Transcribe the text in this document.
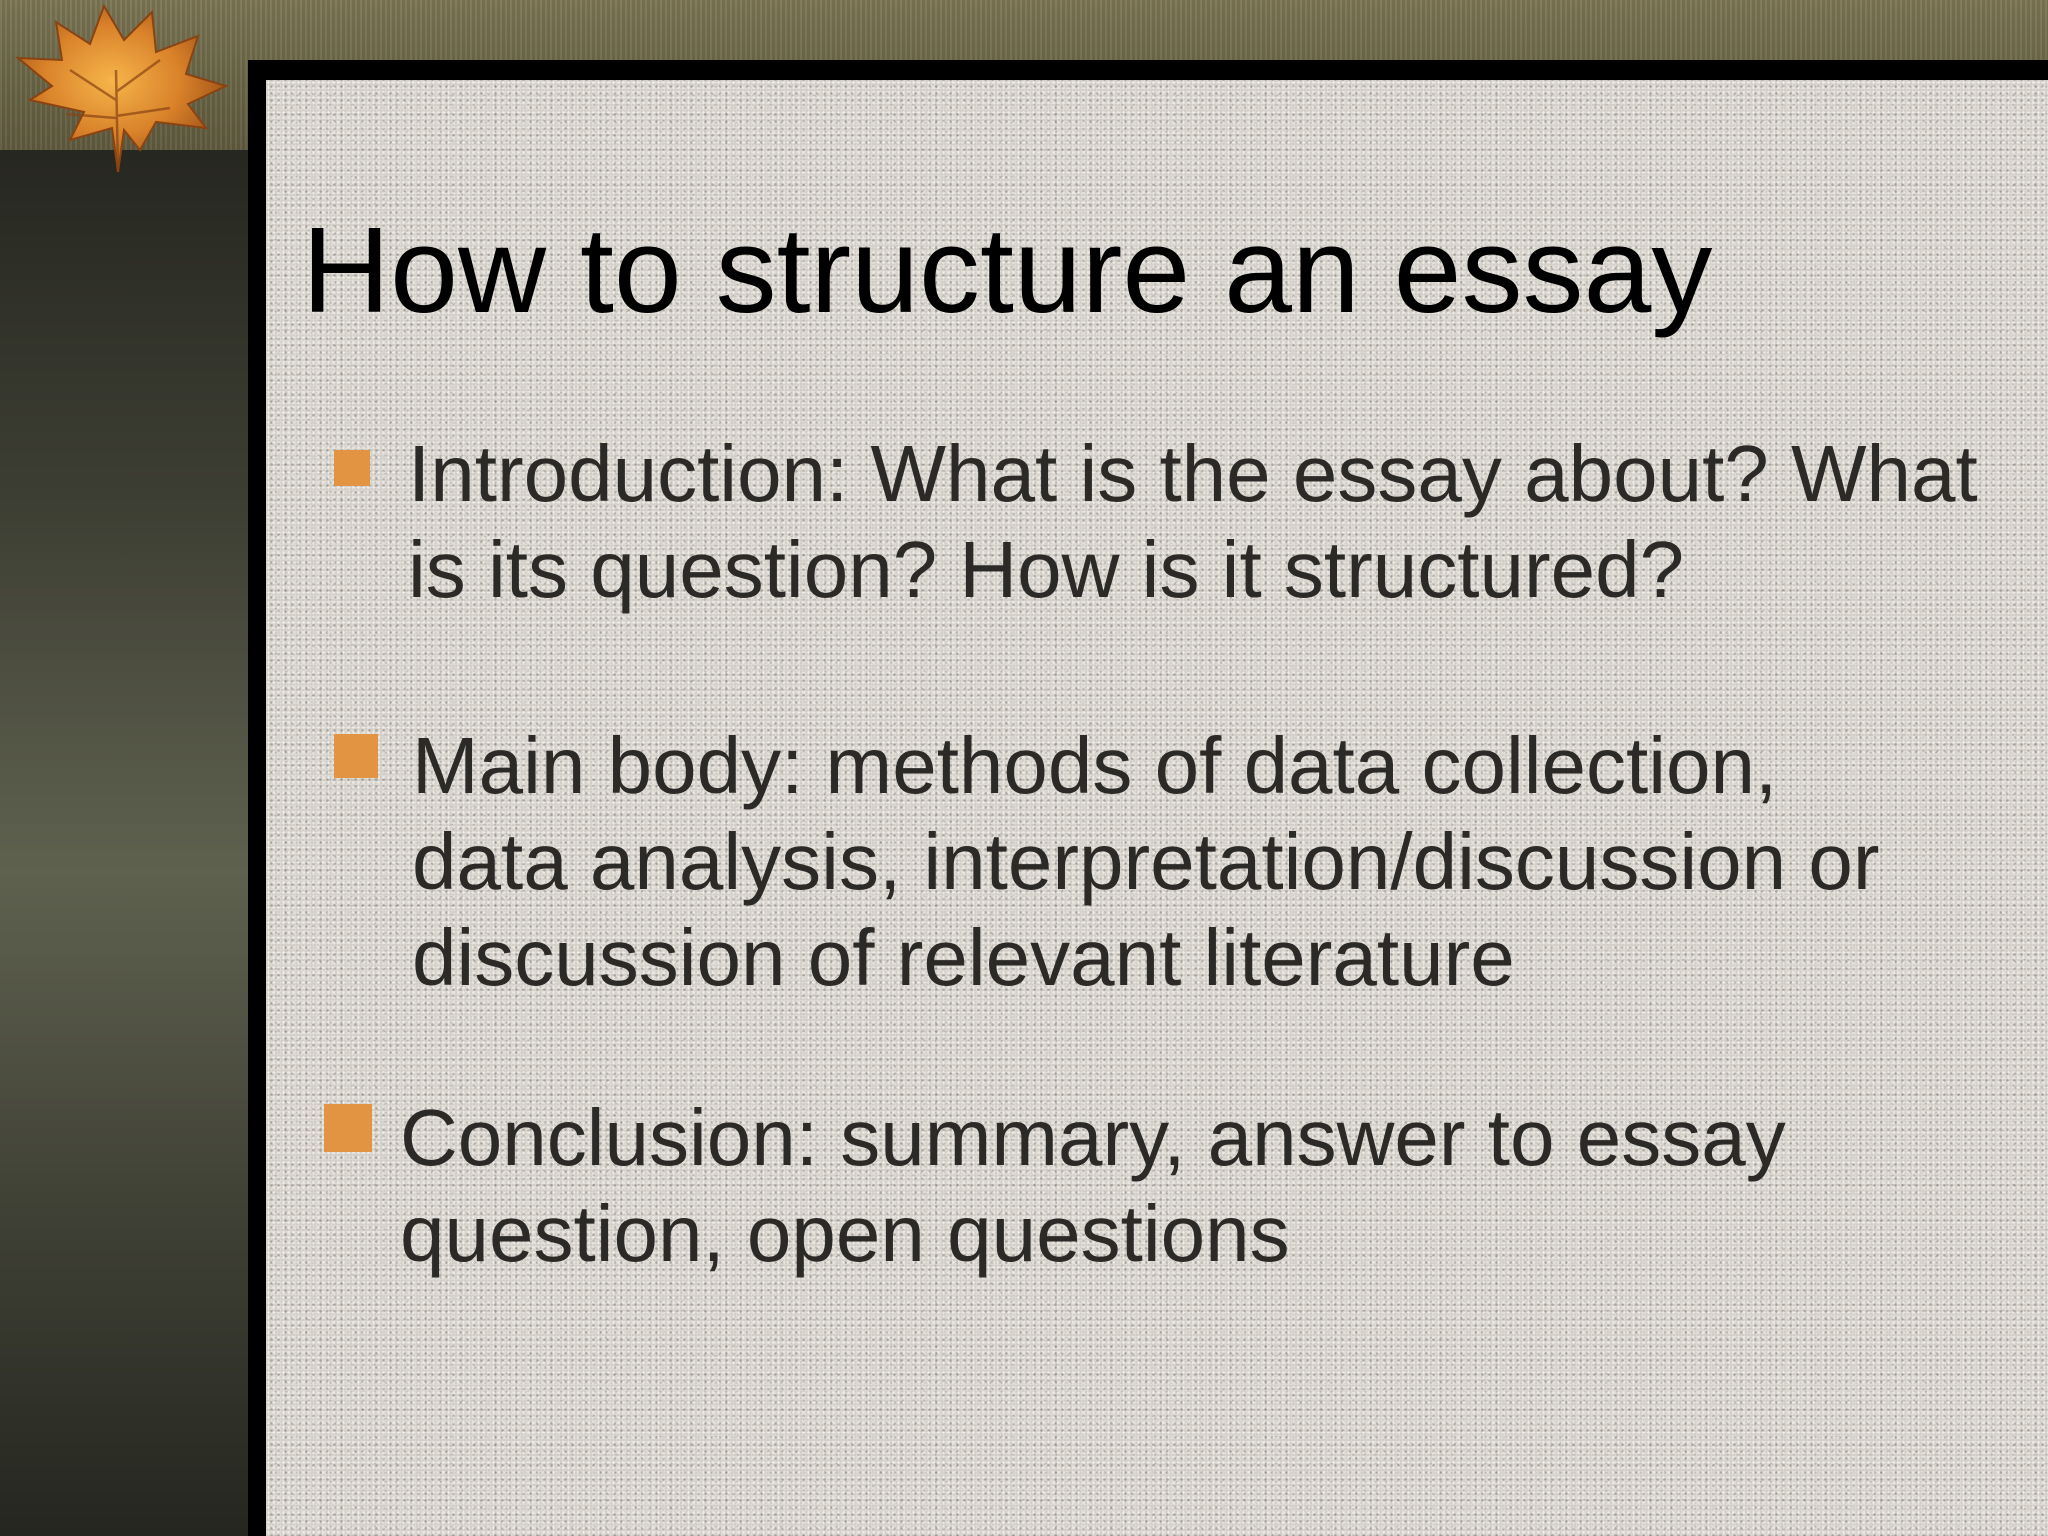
How to structure an essay
Introduction: What is the essay about? What
is its question? How is it structured?
Main body: methods of data collection,
data analysis, interpretation/discussion or
discussion of relevant literature
Conclusion: summary, answer to essay
question, open questions
